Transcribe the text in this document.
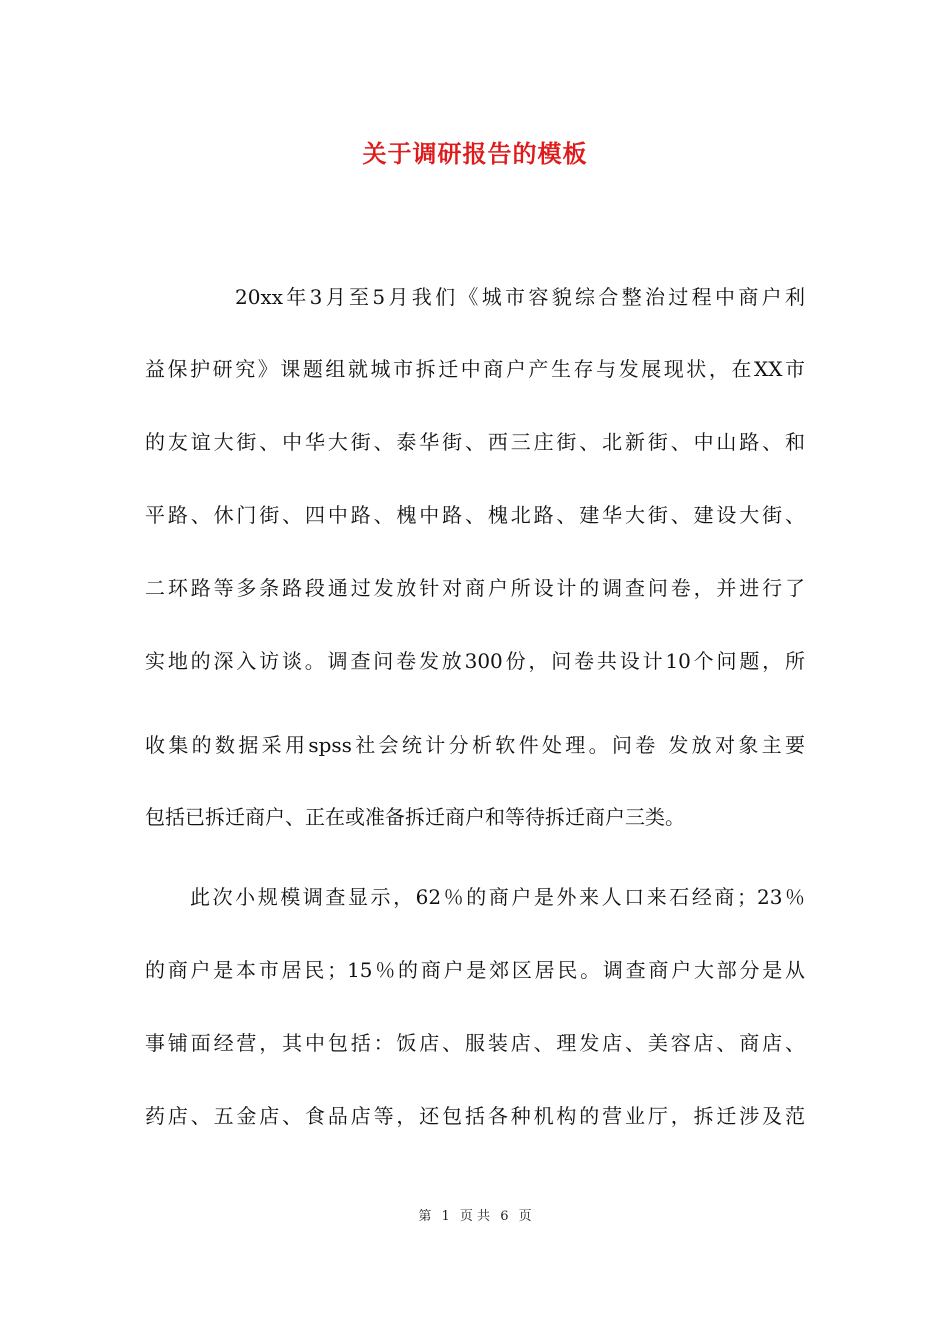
关于调研报告的模板
20xx年3月至5月我们《城市容貌综合整治过程中商户利
益保护研究》课题组就城市拆迁中商户产生存与发展现状，在XX市
的友谊大街、中华大街、泰华街、西三庄街、北新街、中山路、和
平路、休门街、四中路、槐中路、槐北路、建华大街、建设大街、
二环路等多条路段通过发放针对商户所设计的调查问卷，并进行了
实地的深入访谈。调查问卷发放300份，问卷共设计10个问题，所
收集的数据采用spss社会统计分析软件处理。问卷 发放对象主要
包括已拆迁商户、正在或准备拆迁商户和等待拆迁商户三类。
此次小规模调查显示，62％的商户是外来人口来石经商；23％
的商户是本市居民；15％的商户是郊区居民。调查商户大部分是从
事铺面经营，其中包括：饭店、服装店、理发店、美容店、商店、
药店、五金店、食品店等，还包括各种机构的营业厅，拆迁涉及范
第 1 页 共 6 页
